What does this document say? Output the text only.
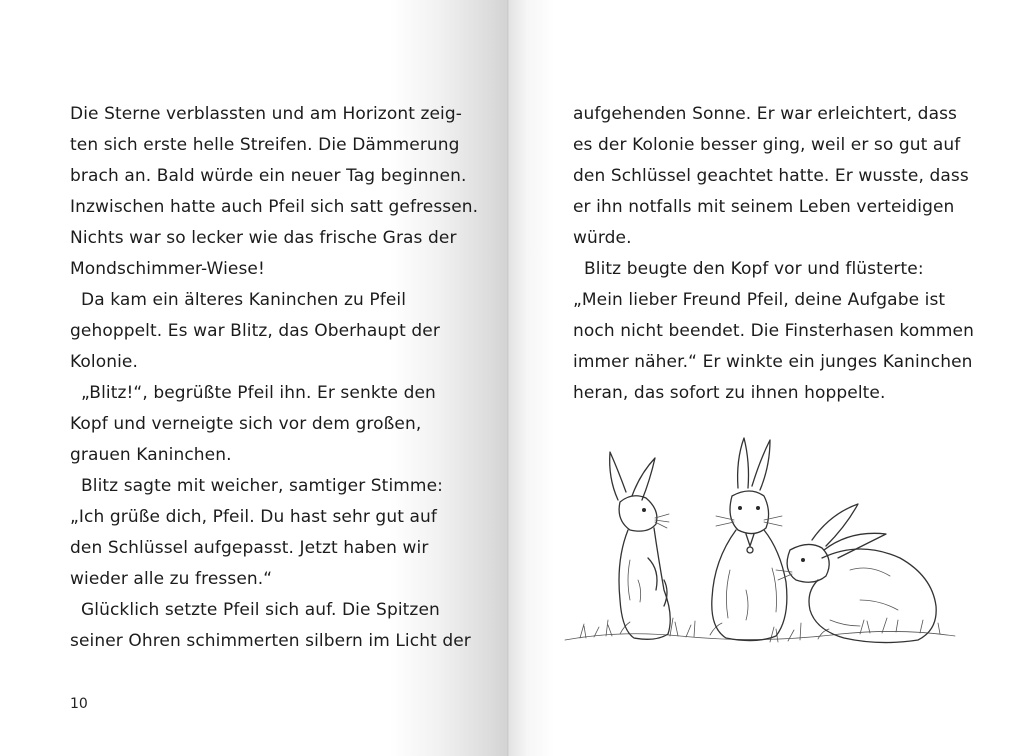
Die Sterne verblassten und am Horizont zeig-
ten sich erste helle Streifen. Die Dämmerung
brach an. Bald würde ein neuer Tag beginnen.
Inzwischen hatte auch Pfeil sich satt gefressen.
Nichts war so lecker wie das frische Gras der
Mondschimmer-Wiese!
Da kam ein älteres Kaninchen zu Pfeil
gehoppelt. Es war Blitz, das Oberhaupt der
Kolonie.
„Blitz!“, begrüßte Pfeil ihn. Er senkte den
Kopf und verneigte sich vor dem großen,
grauen Kaninchen.
Blitz sagte mit weicher, samtiger Stimme:
„Ich grüße dich, Pfeil. Du hast sehr gut auf
den Schlüssel aufgepasst. Jetzt haben wir
wieder alle zu fressen.“
Glücklich setzte Pfeil sich auf. Die Spitzen
seiner Ohren schimmerten silbern im Licht der
10
aufgehenden Sonne. Er war erleichtert, dass
es der Kolonie besser ging, weil er so gut auf
den Schlüssel geachtet hatte. Er wusste, dass
er ihn notfalls mit seinem Leben verteidigen
würde.
Blitz beugte den Kopf vor und flüsterte:
„Mein lieber Freund Pfeil, deine Aufgabe ist
noch nicht beendet. Die Finsterhasen kommen
immer näher.“ Er winkte ein junges Kaninchen
heran, das sofort zu ihnen hoppelte.
